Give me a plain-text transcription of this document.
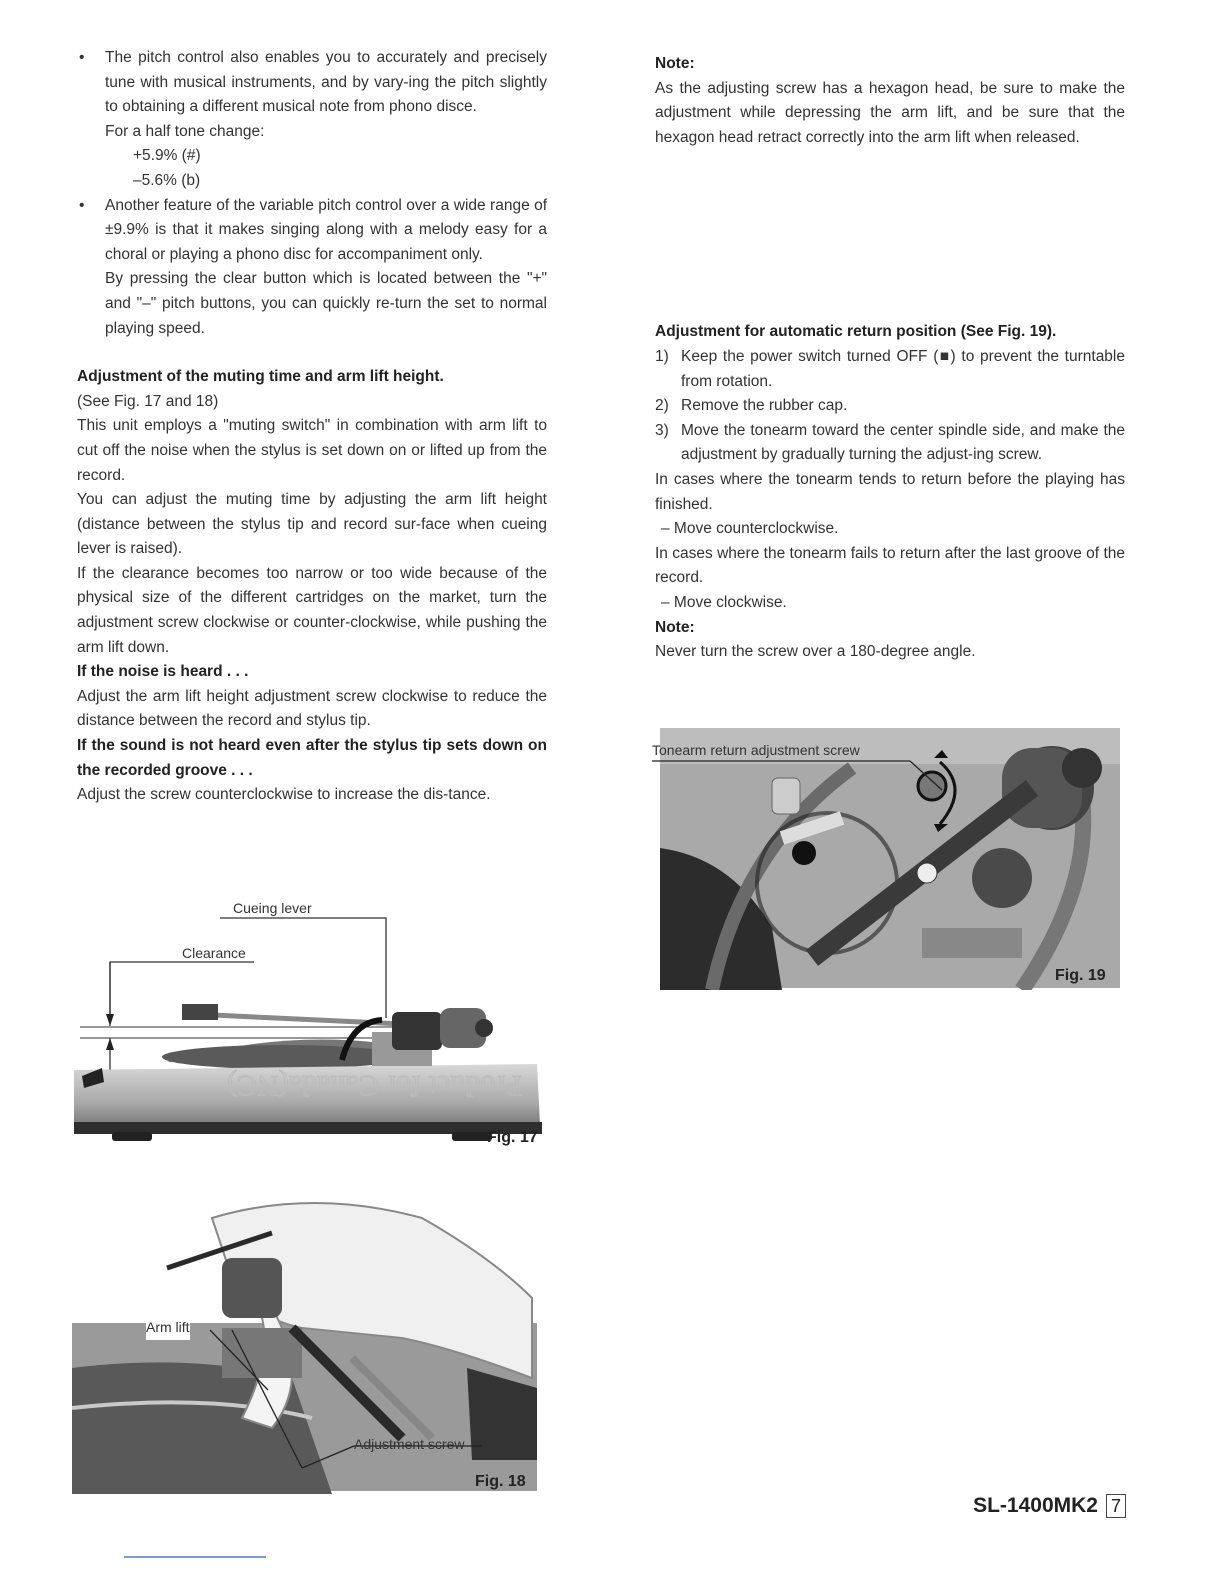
• The pitch control also enables you to accurately and precisely tune with musical instruments, and by vary-ing the pitch slightly to obtaining a different musical note from phono disce.

For a half tone change:

+5.9% (#)

–5.6% (b)

• Another feature of the variable pitch control over a wide range of ±9.9% is that it makes singing along with a melody easy for a choral or playing a phono disc for accompaniment only.

By pressing the clear button which is located between the "+" and "–" pitch buttons, you can quickly re-turn the set to normal playing speed.

Adjustment of the muting time and arm lift height.

(See Fig. 17 and 18)

This unit employs a "muting switch" in combination with arm lift to cut off the noise when the stylus is set down on or lifted up from the record.

You can adjust the muting time by adjusting the arm lift height (distance between the stylus tip and record sur-face when cueing lever is raised).

If the clearance becomes too narrow or too wide because of the physical size of the different cartridges on the market, turn the adjustment screw clockwise or counter-clockwise, while pushing the arm lift down.

If the noise is heard . . .

Adjust the arm lift height adjustment screw clockwise to reduce the distance between the record and stylus tip.

If the sound is not heard even after the stylus tip sets down on the recorded groove . . .

Adjust the screw counterclockwise to increase the dis-tance.

Product for Canada(NC)
Cueing lever
Clearance
Fig. 17
Arm lift
Adjustment screw
Fig. 18

Note:

As the adjusting screw has a hexagon head, be sure to make the adjustment while depressing the arm lift, and be sure that the hexagon head retract correctly into the arm lift when released.

Adjustment for automatic return position (See Fig. 19).

1) Keep the power switch turned OFF (■) to prevent the turntable from rotation.

2) Remove the rubber cap.

3) Move the tonearm toward the center spindle side, and make the adjustment by gradually turning the adjust-ing screw.

In cases where the tonearm tends to return before the playing has finished.

– Move counterclockwise.

In cases where the tonearm fails to return after the last groove of the record.

– Move clockwise.

Note:

Never turn the screw over a 180-degree angle.

Tonearm return adjustment screw
Fig. 19
SL-1400MK2 7
